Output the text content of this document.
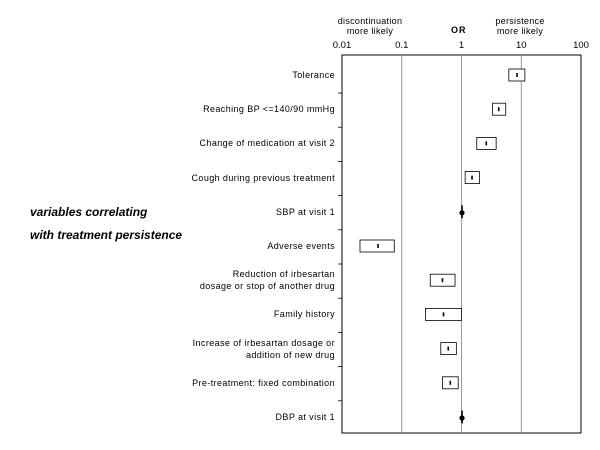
0.01	0.1	1	10	100
discontinuation
more likely	OR
persistence
more likely
variables correlating
with treatment persistence
Tolerance
Reaching BP <=140/90 mmHg
Change of medication at visit 2
Cough during previous treatment
SBP at visit 1
Adverse events
Reduction of irbesartan
dosage or stop of another drug
Family history
Increase of irbesartan dosage or
addition of new drug
Pre-treatment: fixed combination
DBP at visit 1
